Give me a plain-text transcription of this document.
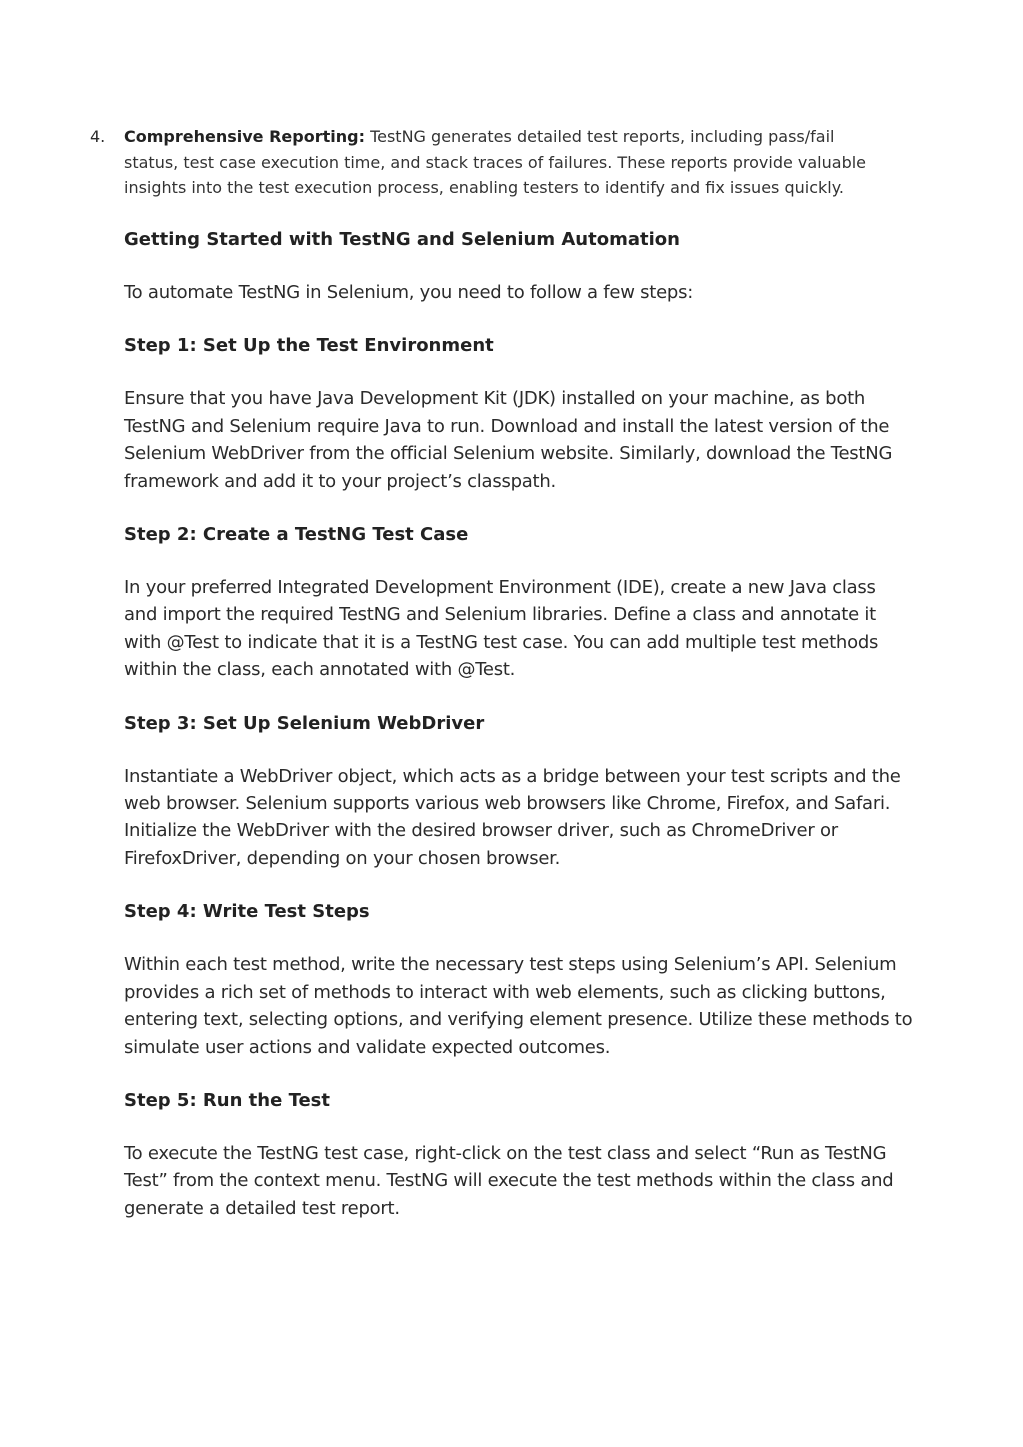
4. Comprehensive Reporting: TestNG generates detailed test reports, including pass/fail status, test case execution time, and stack traces of failures. These reports provide valuable insights into the test execution process, enabling testers to identify and fix issues quickly.
Getting Started with TestNG and Selenium Automation
To automate TestNG in Selenium, you need to follow a few steps:
Step 1: Set Up the Test Environment
Ensure that you have Java Development Kit (JDK) installed on your machine, as both TestNG and Selenium require Java to run. Download and install the latest version of the Selenium WebDriver from the official Selenium website. Similarly, download the TestNG framework and add it to your project’s classpath.
Step 2: Create a TestNG Test Case
In your preferred Integrated Development Environment (IDE), create a new Java class and import the required TestNG and Selenium libraries. Define a class and annotate it with @Test to indicate that it is a TestNG test case. You can add multiple test methods within the class, each annotated with @Test.
Step 3: Set Up Selenium WebDriver
Instantiate a WebDriver object, which acts as a bridge between your test scripts and the web browser. Selenium supports various web browsers like Chrome, Firefox, and Safari. Initialize the WebDriver with the desired browser driver, such as ChromeDriver or FirefoxDriver, depending on your chosen browser.
Step 4: Write Test Steps
Within each test method, write the necessary test steps using Selenium’s API. Selenium provides a rich set of methods to interact with web elements, such as clicking buttons, entering text, selecting options, and verifying element presence. Utilize these methods to simulate user actions and validate expected outcomes.
Step 5: Run the Test
To execute the TestNG test case, right-click on the test class and select “Run as TestNG Test” from the context menu. TestNG will execute the test methods within the class and generate a detailed test report.
